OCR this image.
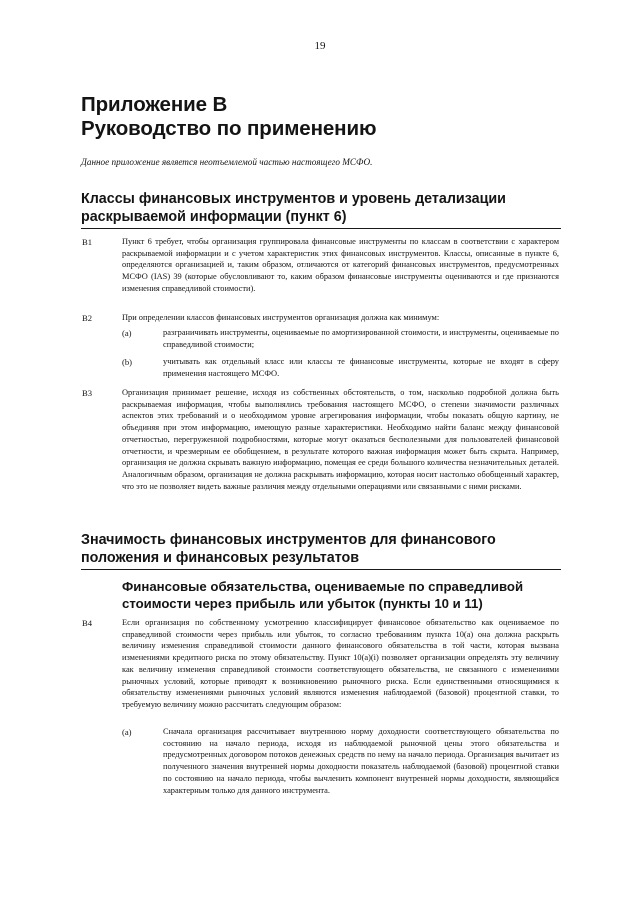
19
Приложение В
Руководство по применению
Данное приложение является неотъемлемой частью настоящего МСФО.
Классы финансовых инструментов и уровень детализации
раскрываемой информации (пункт 6)
B1	Пункт 6 требует, чтобы организация группировала финансовые инструменты по классам в соответствии с характером раскрываемой информации и с учетом характеристик этих финансовых инструментов. Классы, описанные в пункте 6, определяются организацией и, таким образом, отличаются от категорий финансовых инструментов, предусмотренных МСФО (IAS) 39 (которые обусловливают то, каким образом финансовые инструменты оцениваются и где признаются изменения справедливой стоимости).
B2	При определении классов финансовых инструментов организация должна как минимум:
(a)	разграничивать инструменты, оцениваемые по амортизированной стоимости, и инструменты, оцениваемые по справедливой стоимости;
(b)	учитывать как отдельный класс или классы те финансовые инструменты, которые не входят в сферу применения настоящего МСФО.
B3	Организация принимает решение, исходя из собственных обстоятельств, о том, насколько подробной должна быть раскрываемая информация, чтобы выполнялись требования настоящего МСФО, о степени значимости различных аспектов этих требований и о необходимом уровне агрегирования информации, чтобы показать общую картину, не объединяя при этом информацию, имеющую разные характеристики. Необходимо найти баланс между финансовой отчетностью, перегруженной подробностями, которые могут оказаться бесполезными для пользователей финансовой отчетности, и чрезмерным ее обобщением, в результате которого важная информация может быть скрыта. Например, организация не должна скрывать важную информацию, помещая ее среди большого количества незначительных деталей. Аналогичным образом, организация не должна раскрывать информацию, которая носит настолько обобщенный характер, что это не позволяет видеть важные различия между отдельными операциями или связанными с ними рисками.
Значимость финансовых инструментов для финансового
положения и финансовых результатов
Финансовые обязательства, оцениваемые по справедливой
стоимости через прибыль или убыток (пункты 10 и 11)
B4	Если организация по собственному усмотрению классифицирует финансовое обязательство как оцениваемое по справедливой стоимости через прибыль или убыток, то согласно требованиям пункта 10(a) она должна раскрыть величину изменения справедливой стоимости данного финансового обязательства в той части, которая вызвана изменениями кредитного риска по этому обязательству. Пункт 10(a)(i) позволяет организации определять эту величину как величину изменения справедливой стоимости соответствующего обязательства, не связанного с изменениями рыночных условий, которые приводят к возникновению рыночного риска. Если единственными относящимися к обязательству изменениями рыночных условий являются изменения наблюдаемой (базовой) процентной ставки, то требуемую величину можно рассчитать следующим образом:
(a)	Сначала организация рассчитывает внутреннюю норму доходности соответствующего обязательства по состоянию на начало периода, исходя из наблюдаемой рыночной цены этого обязательства и предусмотренных договором потоков денежных средств по нему на начало периода. Организация вычитает из полученного значения внутренней нормы доходности показатель наблюдаемой (базовой) процентной ставки по состоянию на начало периода, чтобы вычленить компонент внутренней нормы доходности, являющийся характерным только для данного инструмента.
